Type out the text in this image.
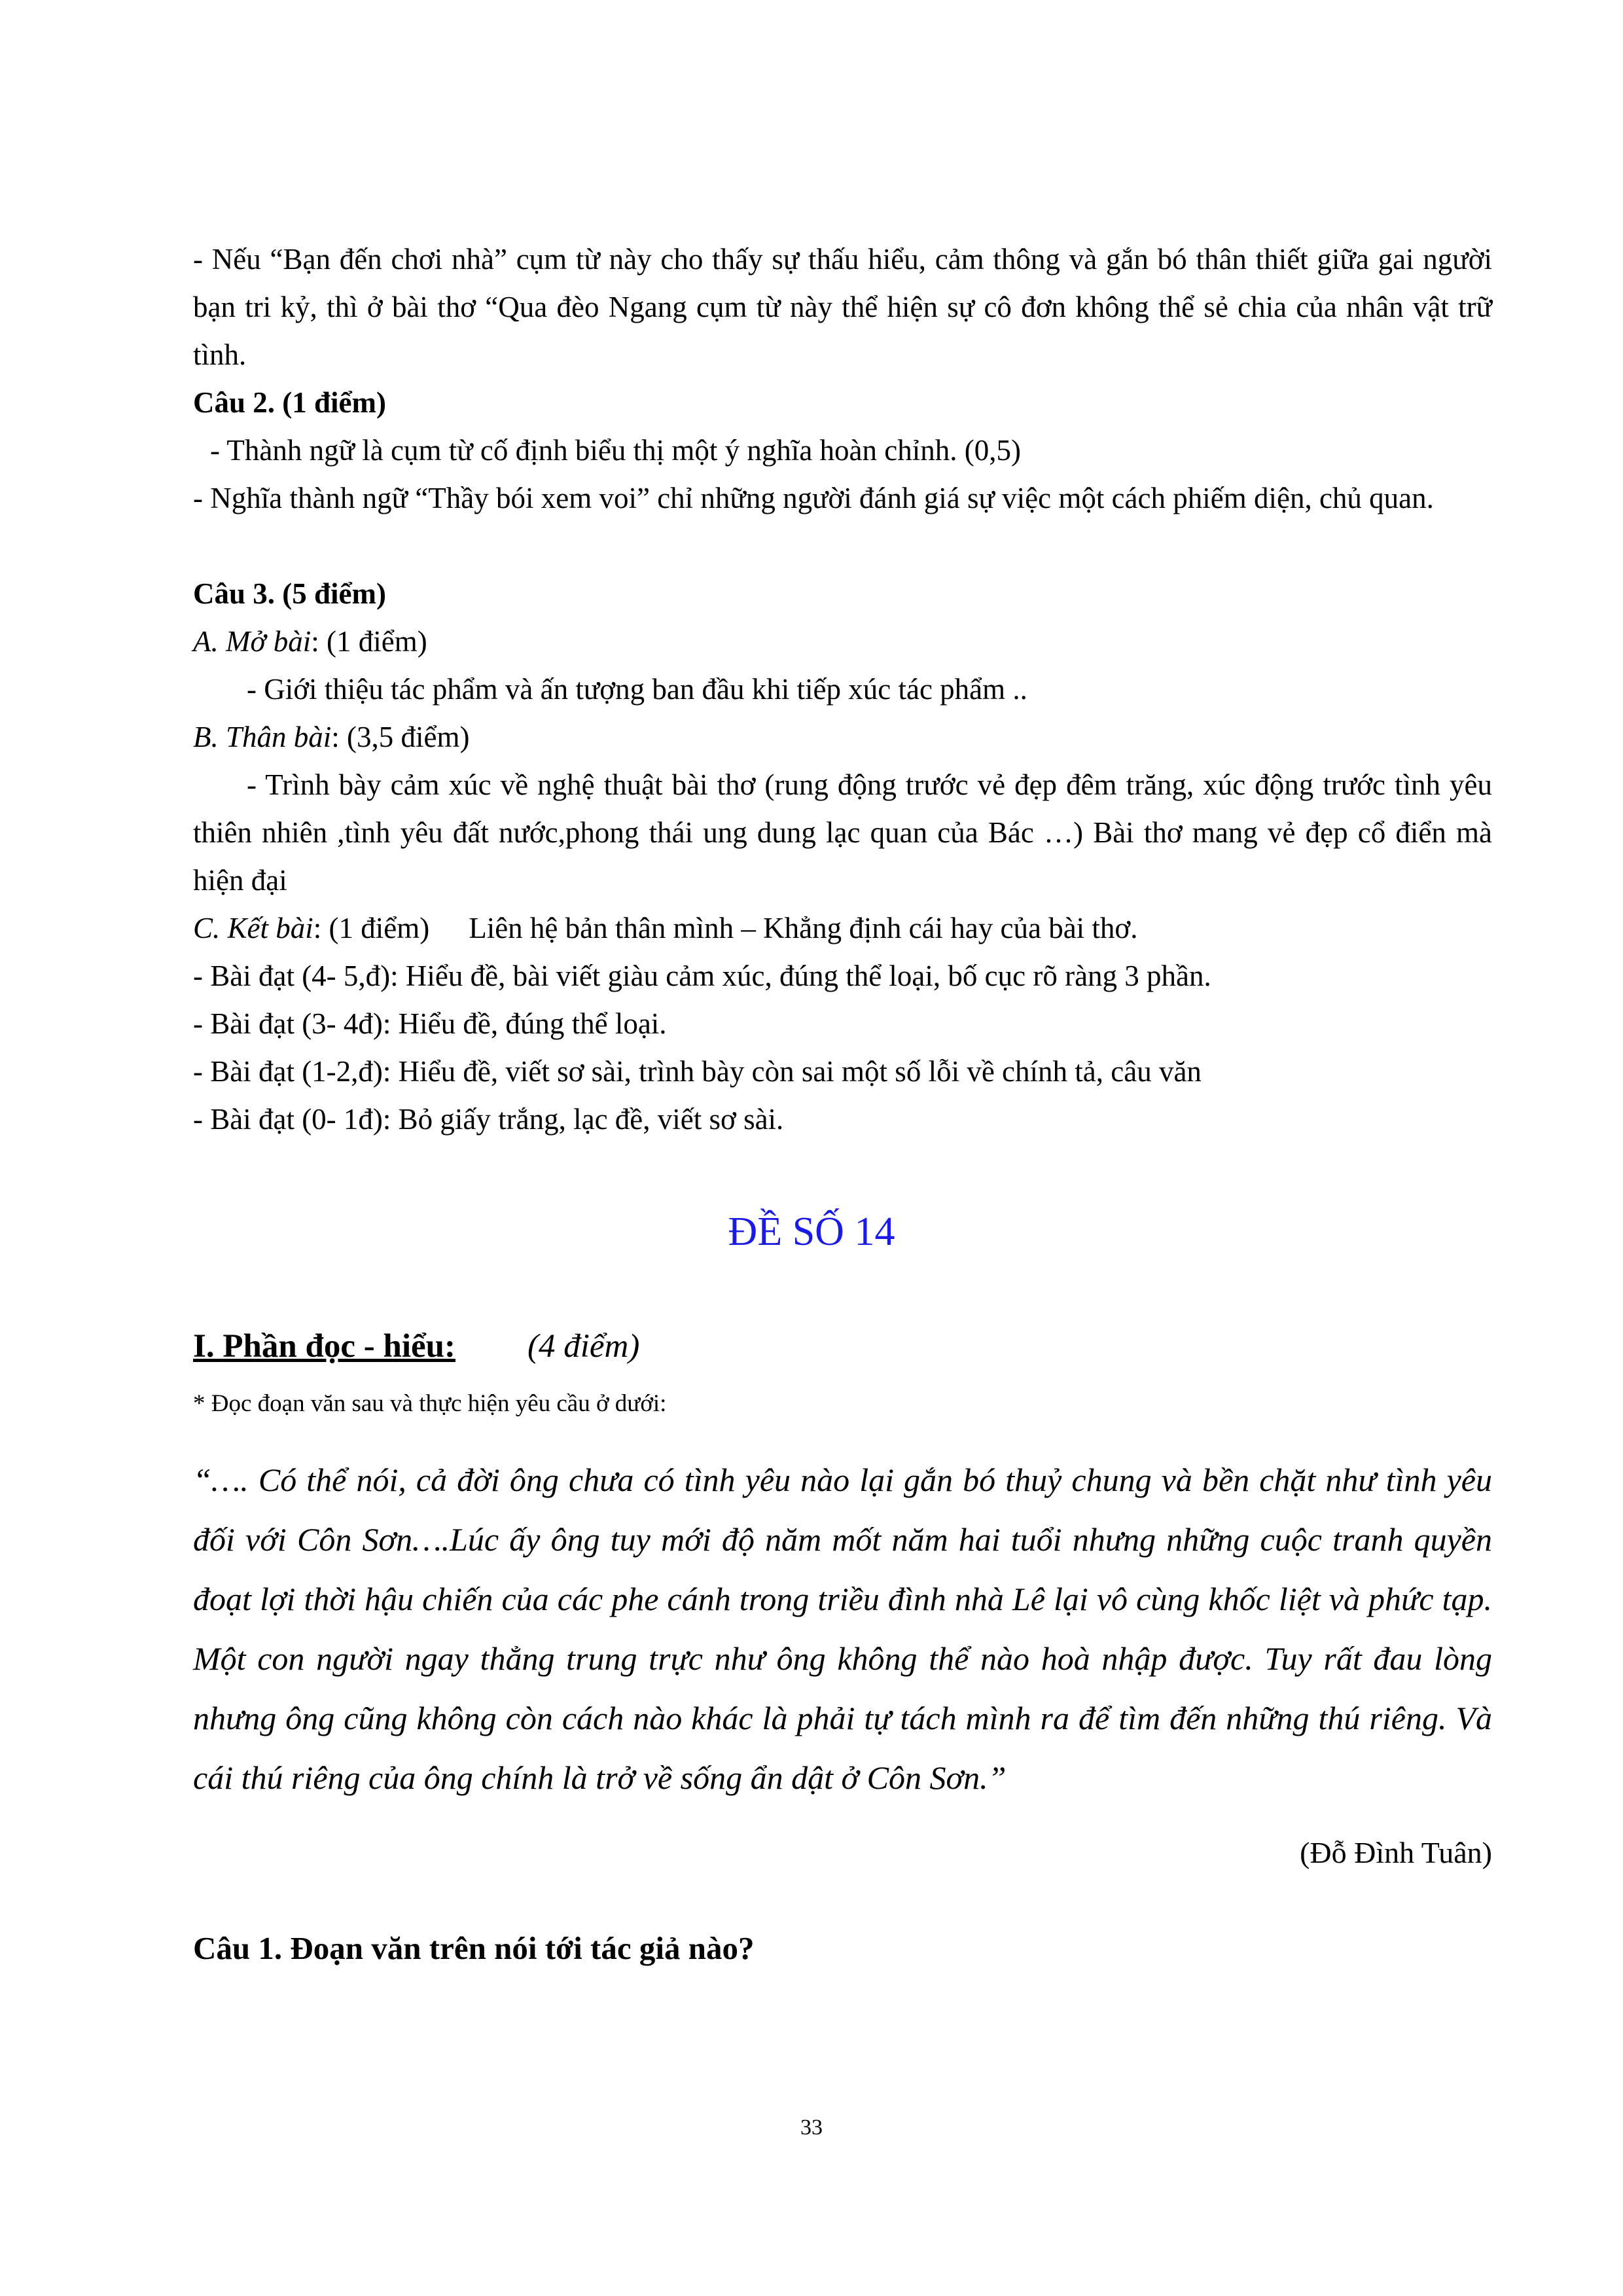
- Nếu “Bạn đến chơi nhà” cụm từ này cho thấy sự thấu hiểu, cảm thông và gắn bó thân thiết giữa gai người bạn tri kỷ, thì ở bài thơ “Qua đèo Ngang cụm từ này thể hiện sự cô đơn không thể sẻ chia của nhân vật trữ tình.

Câu 2. (1 điểm)

- Thành ngữ là cụm từ cố định biểu thị một ý nghĩa hoàn chỉnh. (0,5)

- Nghĩa thành ngữ “Thầy bói xem voi” chỉ những người đánh giá sự việc một cách phiếm diện, chủ quan.

Câu 3. (5 điểm)

A. Mở bài: (1 điểm)

- Giới thiệu tác phẩm và ấn tượng ban đầu khi tiếp xúc tác phẩm ..

B. Thân bài: (3,5 điểm)

- Trình bày cảm xúc về nghệ thuật bài thơ (rung động trước vẻ đẹp đêm trăng, xúc động trước tình yêu thiên nhiên ,tình yêu đất nước,phong thái ung dung lạc quan của Bác …) Bài thơ mang vẻ đẹp cổ điển mà hiện đại

C. Kết bài: (1 điểm) Liên hệ bản thân mình – Khẳng định cái hay của bài thơ.

- Bài đạt (4- 5,đ): Hiểu đề, bài viết giàu cảm xúc, đúng thể loại, bố cục rõ ràng 3 phần.

- Bài đạt (3- 4đ): Hiểu đề, đúng thể loại.

- Bài đạt (1-2,đ): Hiểu đề, viết sơ sài, trình bày còn sai một số lỗi về chính tả, câu văn

- Bài đạt (0- 1đ): Bỏ giấy trắng, lạc đề, viết sơ sài.

ĐỀ SỐ 14
I. Phần đọc - hiểu: (4 điểm)

* Đọc đoạn văn sau và thực hiện yêu cầu ở dưới:

“…. Có thể nói, cả đời ông chưa có tình yêu nào lại gắn bó thuỷ chung và bền chặt như tình yêu đối với Côn Sơn….Lúc ấy ông tuy mới độ năm mốt năm hai tuổi nhưng những cuộc tranh quyền đoạt lợi thời hậu chiến của các phe cánh trong triều đình nhà Lê lại vô cùng khốc liệt và phức tạp. Một con người ngay thẳng trung trực như ông không thể nào hoà nhập được. Tuy rất đau lòng nhưng ông cũng không còn cách nào khác là phải tự tách mình ra để tìm đến những thú riêng. Và cái thú riêng của ông chính là trở về sống ẩn dật ở Côn Sơn.”

(Đỗ Đình Tuân)

Câu 1. Đoạn văn trên nói tới tác giả nào?

33
